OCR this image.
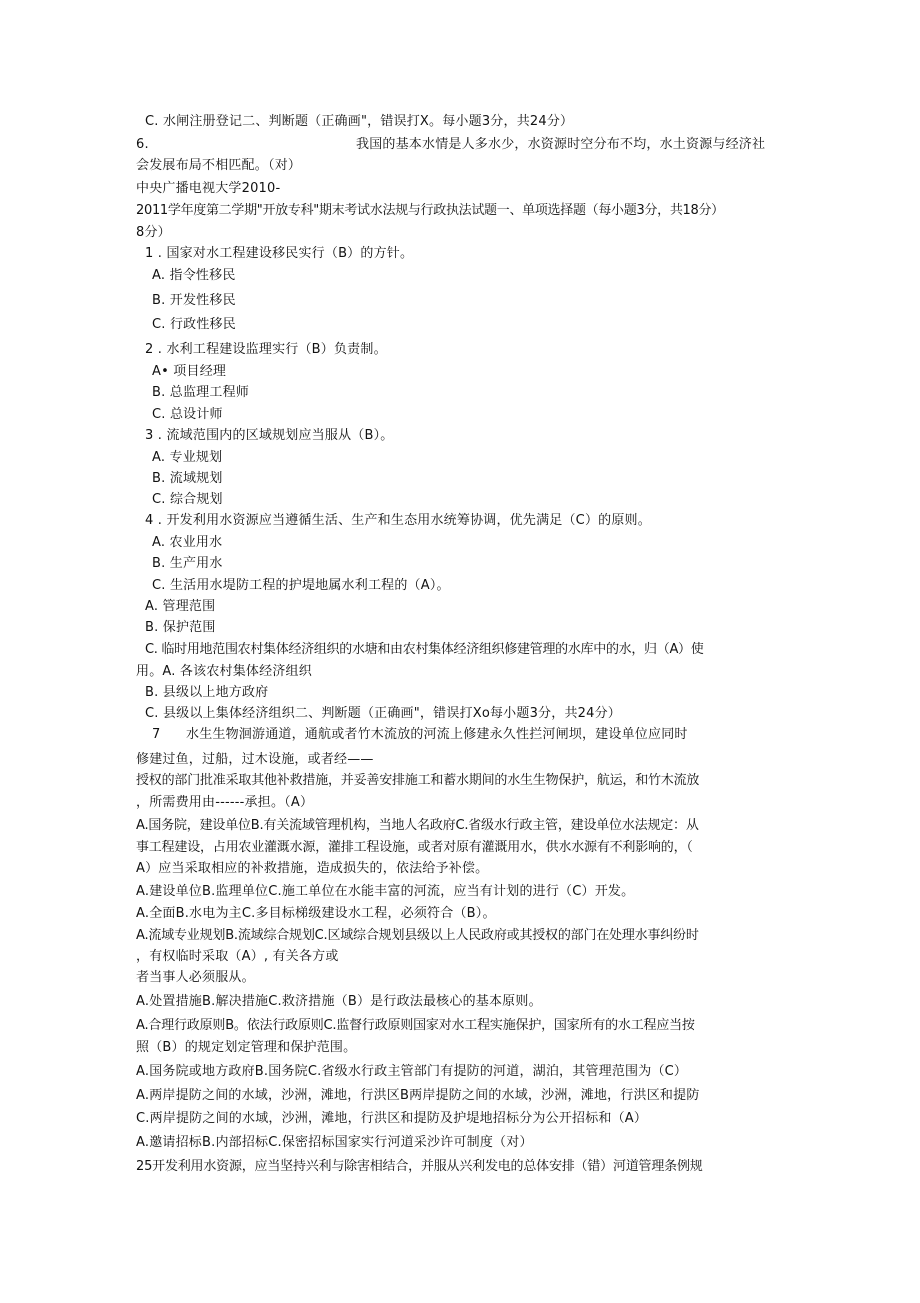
C. 水闸注册登记二、判断题（正确画"，错误打X。每小题3分，共24分）
6.	我国的基本水情是人多水少，水资源时空分布不均，水土资源与经济社
会发展布局不相匹配。（对）
中央广播电视大学2010-
2011学年度第二学期"开放专科"期末考试水法规与行政执法试题一、单项选择题（每小题3分，共18分）
8分）
1 . 国家对水工程建设移民实行（B）的方针。
A. 指令性移民
B. 开发性移民
C. 行政性移民
2 . 水利工程建设监理实行（B）负责制。
A• 项目经理
B. 总监理工程师
C. 总设计师
3 . 流域范围内的区域规划应当服从（B）。
A. 专业规划
B. 流域规划
C. 综合规划
4 . 开发利用水资源应当遵循生活、生产和生态用水统筹协调，优先满足（C）的原则。
A. 农业用水
B. 生产用水
C. 生活用水堤防工程的护堤地属水利工程的（A）。
A. 管理范围
B. 保护范围
C. 临时用地范围农村集体经济组织的水塘和由农村集体经济组织修建管理的水库中的水，归（A）使
用。A. 各该农村集体经济组织
B. 县级以上地方政府
C. 县级以上集体经济组织二、判断题（正确画"，错误打Xo每小题3分，共24分）
7 水生生物洄游通道，通航或者竹木流放的河流上修建永久性拦河闸坝，建设单位应同时
修建过鱼，过船，过木设施，或者经——
授权的部门批准采取其他补救措施，并妥善安排施工和蓄水期间的水生生物保护，航运，和竹木流放
，所需费用由------承担。（A）
A.国务院，建设单位B.有关流域管理机构，当地人名政府C.省级水行政主管，建设单位水法规定：从
事工程建设，占用农业灌溉水源，灌排工程设施，或者对原有灌溉用水，供水水源有不利影响的，（
A）应当采取相应的补救措施，造成损失的，依法给予补偿。
A.建设单位B.监理单位C.施工单位在水能丰富的河流，应当有计划的进行（C）开发。
A.全面B.水电为主C.多目标梯级建设水工程，必须符合（B）。
A.流域专业规划B.流域综合规划C.区域综合规划县级以上人民政府或其授权的部门在处理水事纠纷时
，有权临时采取（A）, 有关各方或
者当事人必须服从。
A.处置措施B.解决措施C.救济措施（B）是行政法最核心的基本原则。
A.合理行政原则B。依法行政原则C.监督行政原则国家对水工程实施保护，国家所有的水工程应当按
照（B）的规定划定管理和保护范围。
A.国务院或地方政府B.国务院C.省级水行政主管部门有提防的河道，湖泊，其管理范围为（C）
A.两岸提防之间的水域，沙洲，滩地，行洪区B两岸提防之间的水域，沙洲，滩地，行洪区和提防
C.两岸提防之间的水域，沙洲，滩地，行洪区和提防及护堤地招标分为公开招标和（A）
A.邀请招标B.内部招标C.保密招标国家实行河道采沙许可制度（对）
25开发利用水资源，应当坚持兴利与除害相结合，并服从兴利发电的总体安排（错）河道管理条例规
